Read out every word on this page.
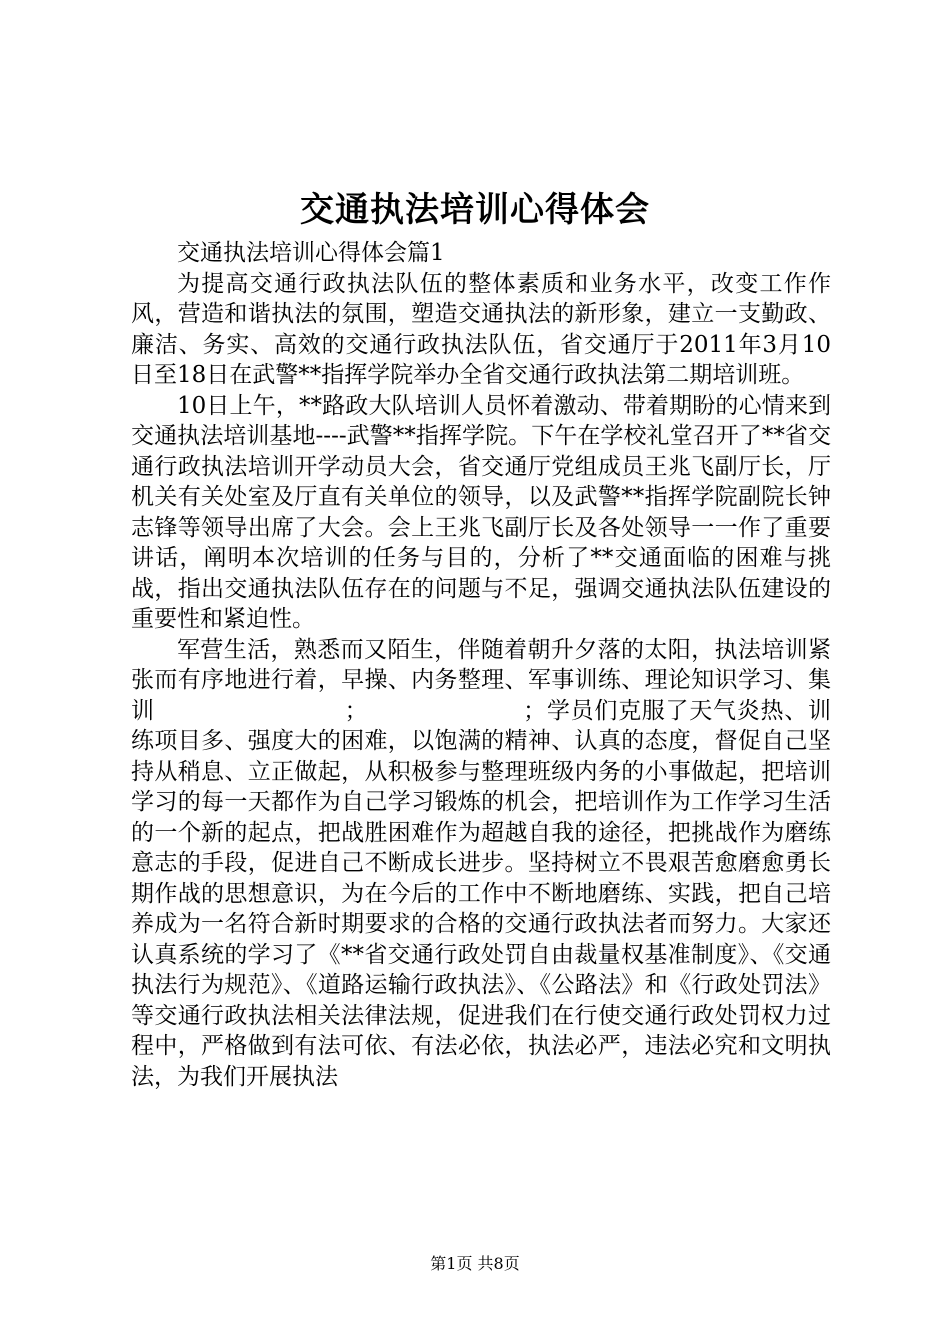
交通执法培训心得体会

交通执法培训心得体会篇1

为提高交通行政执法队伍的整体素质和业务水平，改变工作作风，营造和谐执法的氛围，塑造交通执法的新形象，建立一支勤政、廉洁、务实、高效的交通行政执法队伍，省交通厅于2011年3月10日至18日在武警**指挥学院举办全省交通行政执法第二期培训班。

10日上午，**路政大队培训人员怀着激动、带着期盼的心情来到交通执法培训基地----武警**指挥学院。下午在学校礼堂召开了**省交通行政执法培训开学动员大会，省交通厅党组成员王兆飞副厅长，厅机关有关处室及厅直有关单位的领导，以及武警**指挥学院副院长钟志锋等领导出席了大会。会上王兆飞副厅长及各处领导一一作了重要讲话，阐明本次培训的任务与目的，分析了**交通面临的困难与挑战，指出交通执法队伍存在的问题与不足，强调交通执法队伍建设的重要性和紧迫性。

军营生活，熟悉而又陌生，伴随着朝升夕落的太阳，执法培训紧张而有序地进行着，早操、内务整理、军事训练、理论知识学习、集训　　　　　　　　；　　　　　　　；学员们克服了天气炎热、训练项目多、强度大的困难，以饱满的精神、认真的态度，督促自己坚持从稍息、立正做起，从积极参与整理班级内务的小事做起，把培训学习的每一天都作为自己学习锻炼的机会，把培训作为工作学习生活的一个新的起点，把战胜困难作为超越自我的途径，把挑战作为磨练意志的手段，促进自己不断成长进步。坚持树立不畏艰苦愈磨愈勇长期作战的思想意识，为在今后的工作中不断地磨练、实践，把自己培养成为一名符合新时期要求的合格的交通行政执法者而努力。大家还认真系统的学习了《**省交通行政处罚自由裁量权基准制度》、《交通执法行为规范》、《道路运输行政执法》、《公路法》和《行政处罚法》等交通行政执法相关法律法规，促进我们在行使交通行政处罚权力过程中，严格做到有法可依、有法必依，执法必严，违法必究和文明执法，为我们开展执法

第1页 共8页
